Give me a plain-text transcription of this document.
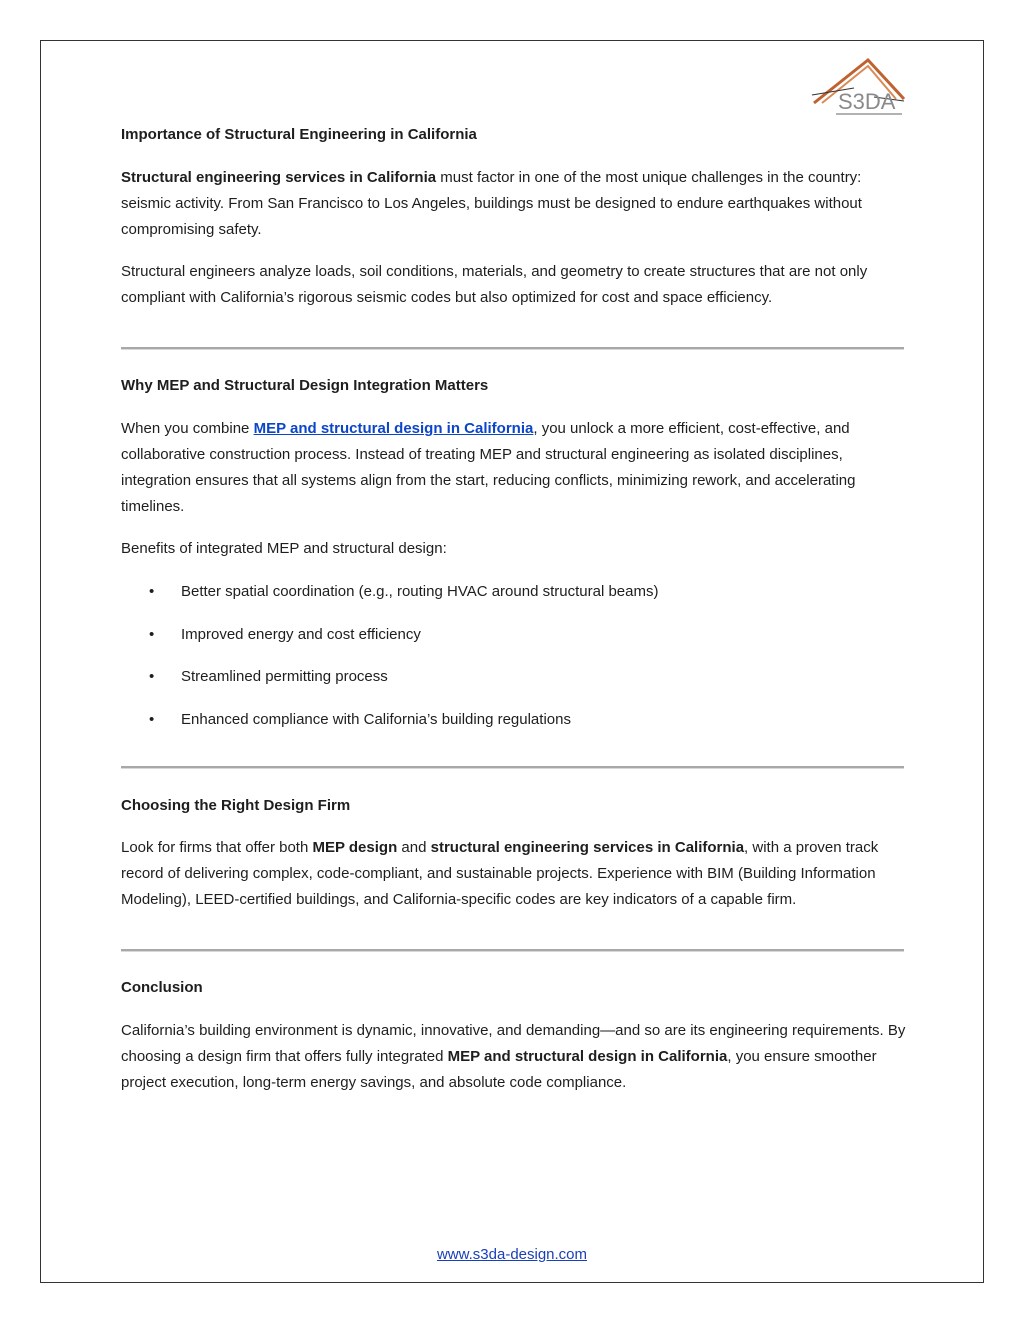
S3DA

Importance of Structural Engineering in California

Structural engineering services in California must factor in one of the most unique challenges in the country: seismic activity. From San Francisco to Los Angeles, buildings must be designed to endure earthquakes without compromising safety.

Structural engineers analyze loads, soil conditions, materials, and geometry to create structures that are not only compliant with California’s rigorous seismic codes but also optimized for cost and space efficiency.

Why MEP and Structural Design Integration Matters

When you combine MEP and structural design in California, you unlock a more efficient, cost-effective, and collaborative construction process. Instead of treating MEP and structural engineering as isolated disciplines, integration ensures that all systems align from the start, reducing conflicts, minimizing rework, and accelerating timelines.

Benefits of integrated MEP and structural design:

• Better spatial coordination (e.g., routing HVAC around structural beams)
• Improved energy and cost efficiency
• Streamlined permitting process
• Enhanced compliance with California’s building regulations

Choosing the Right Design Firm

Look for firms that offer both MEP design and structural engineering services in California, with a proven track record of delivering complex, code-compliant, and sustainable projects. Experience with BIM (Building Information Modeling), LEED-certified buildings, and California-specific codes are key indicators of a capable firm.

Conclusion

California’s building environment is dynamic, innovative, and demanding—and so are its engineering requirements. By choosing a design firm that offers fully integrated MEP and structural design in California, you ensure smoother project execution, long-term energy savings, and absolute code compliance.

www.s3da-design.com
